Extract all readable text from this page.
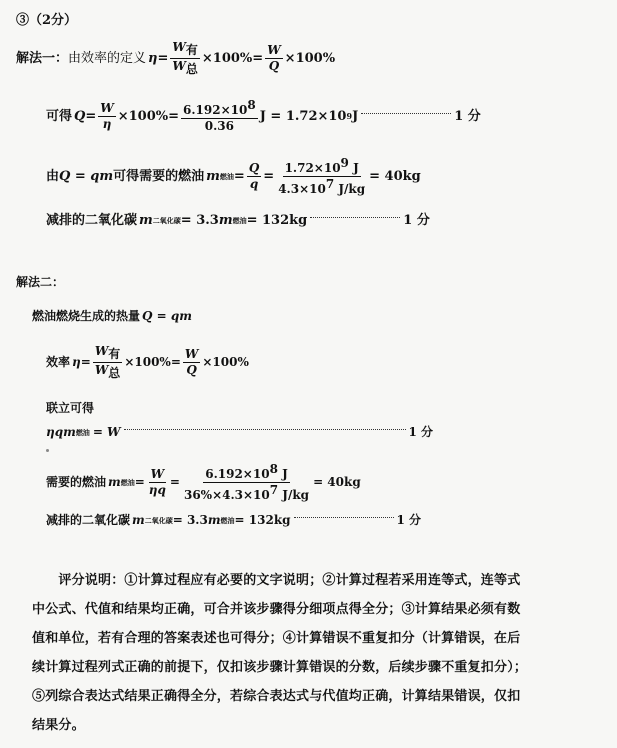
③（2分）
解法一： 由效率的定义 $\eta = \frac{\text{W有}}{\text{W总}} \times 100\% = \frac{W}{Q} \times 100\%$
可得 $Q = \frac{W}{\eta} \times 100\% = \frac{6.192\times 108}{0.36}$ J = 1.72×10 9 J	1 分
由 Q = qm 可得需要的燃油 m 燃油 = $\frac{Q}{q} = \frac{1.72\times 109 J}{4.3\times 107 J/kg} = 40kg$
减排的二氧化碳 m 二氧化碳 = 3.3 m 燃油 = 132kg	1 分
解法二：
燃油燃烧生成的热量 Q = qm
效率 $\eta = \frac{\text{W有}}{\text{W总}} \times 100\% = \frac{W}{Q} \times 100\%$
联立可得
ηqm 燃油 = W	1 分
需要的燃油 m 燃油 = $\frac{W}{\eta q} = \frac{6.192\times 108 J}{36\%\times 4.3\times 107 J/kg} = 40kg$
减排的二氧化碳 m 二氧化碳 = 3.3 m 燃油 = 132kg	1 分

　　评分说明：①计算过程应有必要的文字说明；②计算过程若采用连等式，连等式

中公式、代值和结果均正确，可合并该步骤得分细项点得全分；③计算结果必须有数

值和单位，若有合理的答案表述也可得分；④计算错误不重复扣分（计算错误，在后

续计算过程列式正确的前提下，仅扣该步骤计算错误的分数，后续步骤不重复扣分）；

⑤列综合表达式结果正确得全分，若综合表达式与代值均正确，计算结果错误，仅扣

结果分。
